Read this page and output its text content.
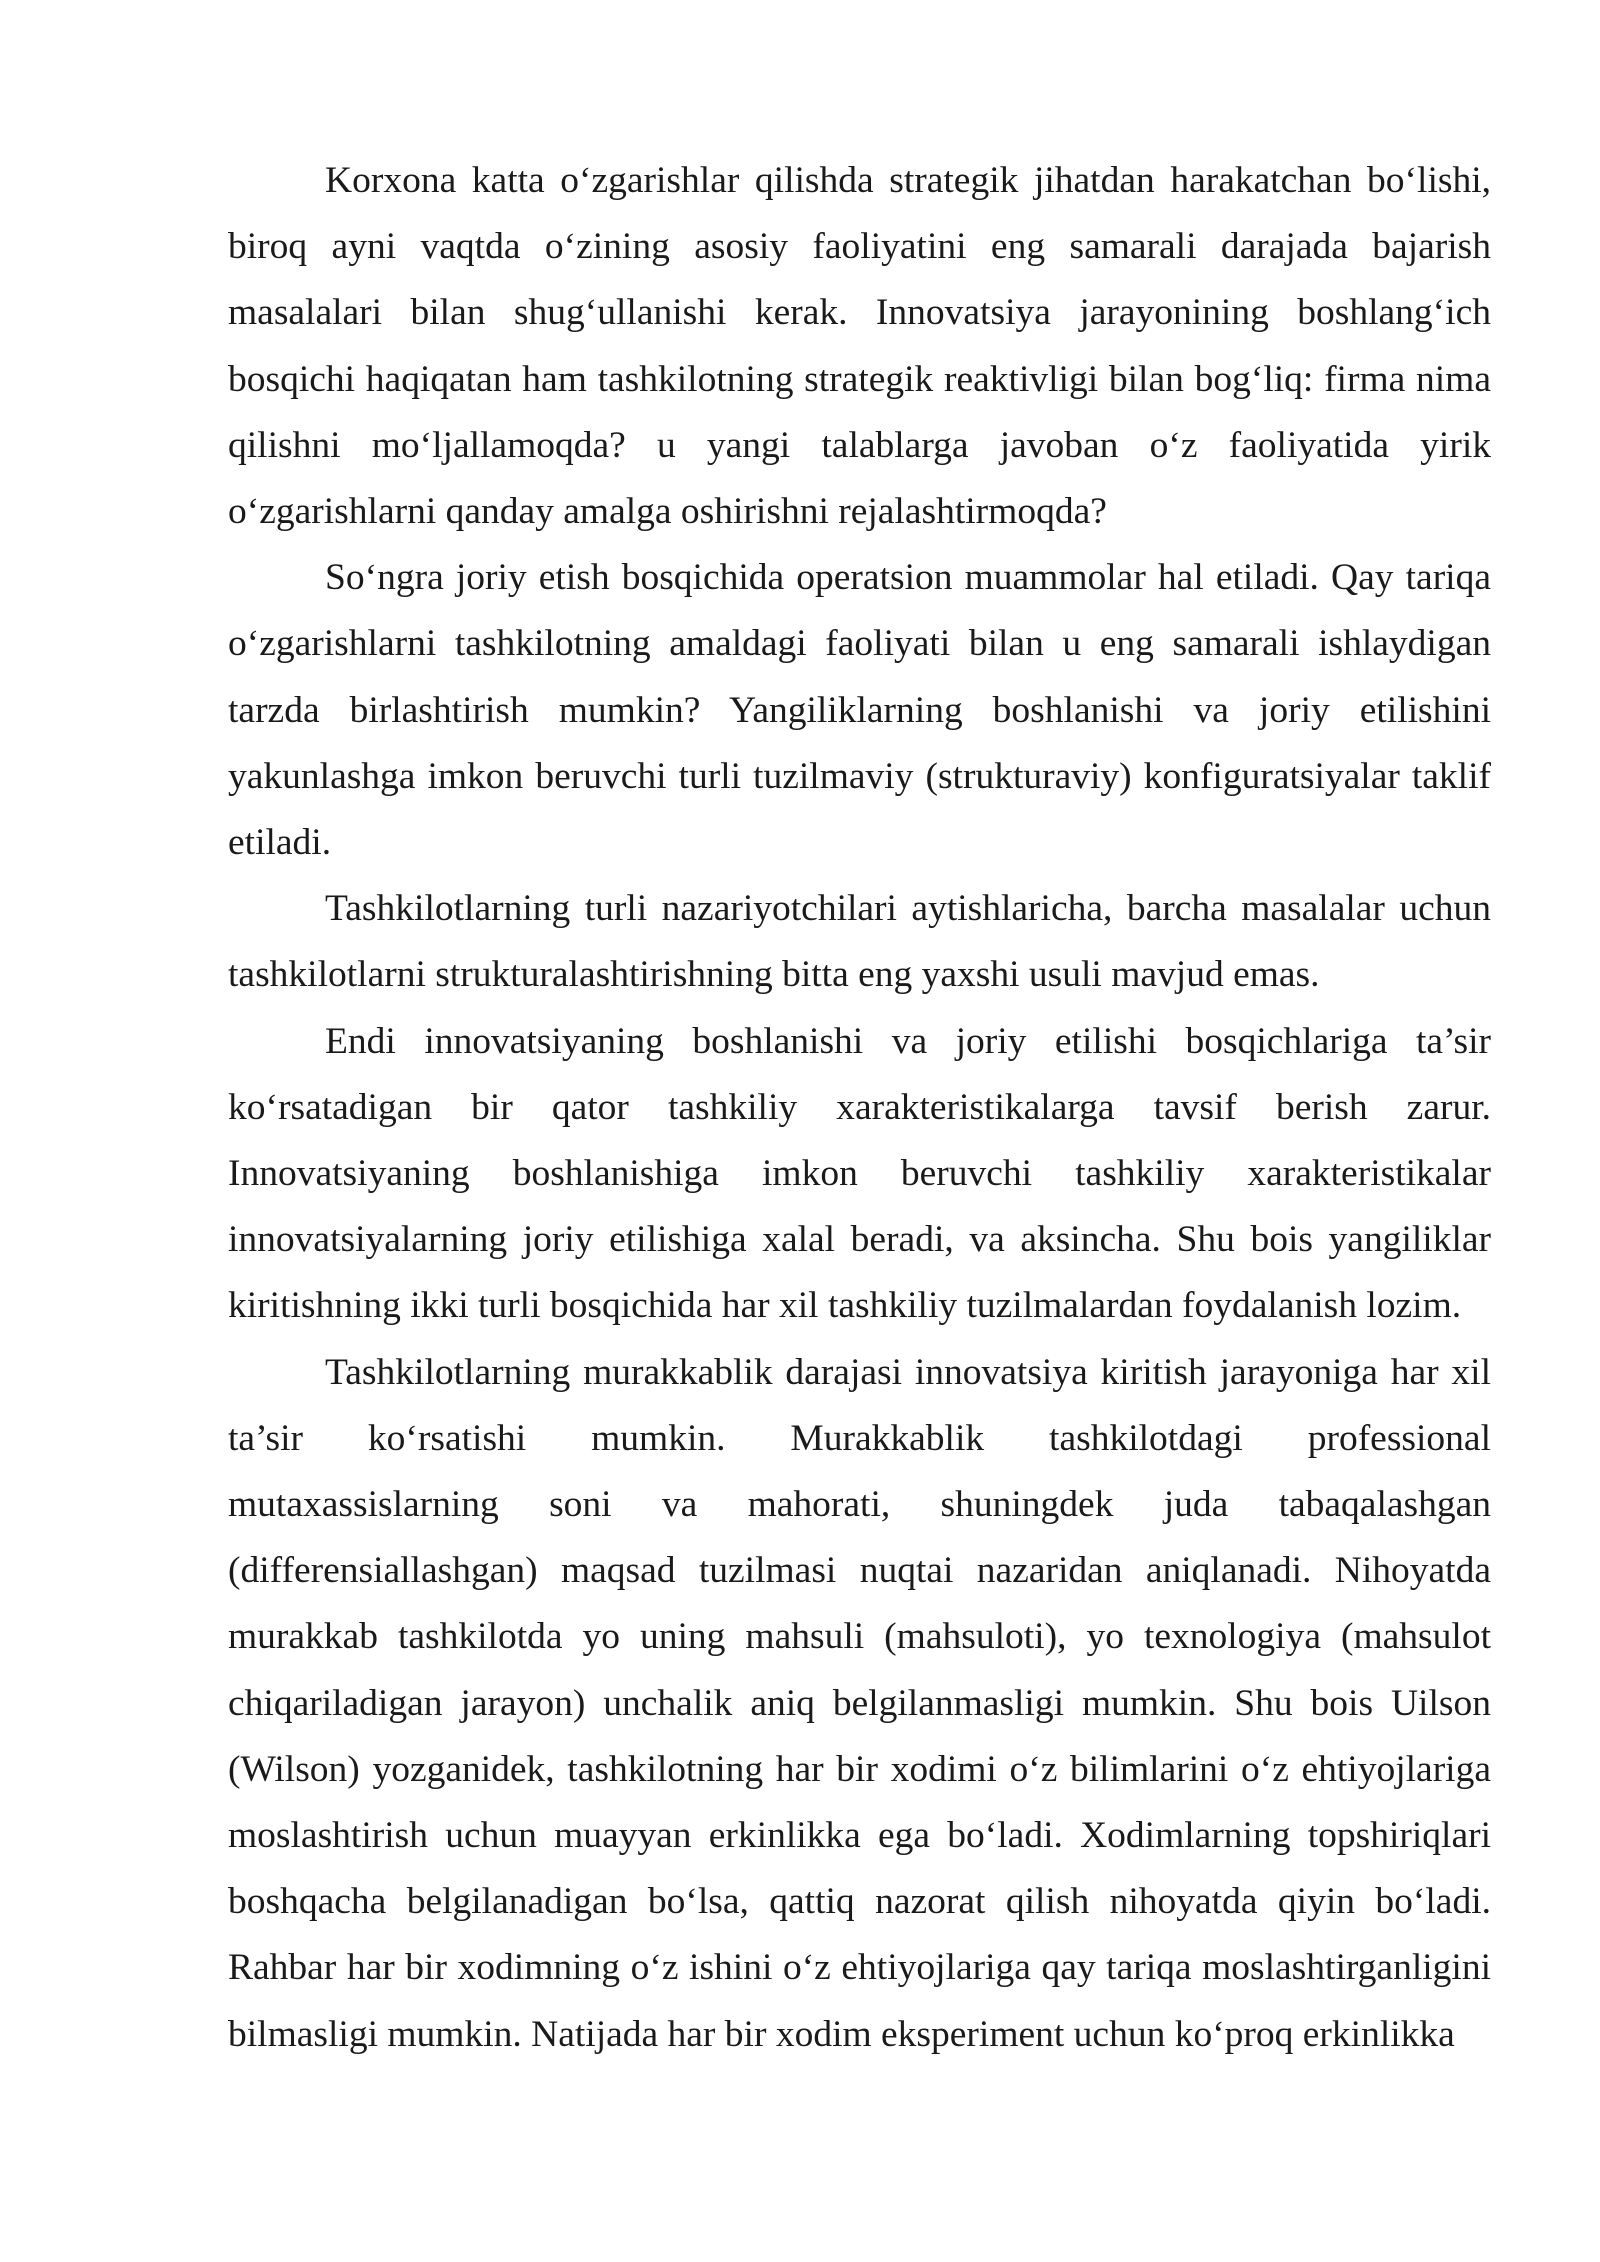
Korxona katta o‘zgarishlar qilishda strategik jihatdan harakatchan bo‘lishi, biroq ayni vaqtda o‘zining asosiy faoliyatini eng samarali darajada bajarish masalalari bilan shug‘ullanishi kerak. Innovatsiya jarayonining boshlang‘ich bosqichi haqiqatan ham tashkilotning strategik reaktivligi bilan bog‘liq: firma nima qilishni mo‘ljallamoqda? u yangi talablarga javoban o‘z faoliyatida yirik o‘zgarishlarni qanday amalga oshirishni rejalashtirmoqda?

So‘ngra joriy etish bosqichida operatsion muammolar hal etiladi. Qay tariqa o‘zgarishlarni tashkilotning amaldagi faoliyati bilan u eng samarali ishlaydigan tarzda birlashtirish mumkin? Yangiliklarning boshlanishi va joriy etilishini yakunlashga imkon beruvchi turli tuzilmaviy (strukturaviy) konfiguratsiyalar taklif etiladi.

Tashkilotlarning turli nazariyotchilari aytishlaricha, barcha masalalar uchun tashkilotlarni strukturalashtirishning bitta eng yaxshi usuli mavjud emas.

Endi innovatsiyaning boshlanishi va joriy etilishi bosqichlariga ta’sir ko‘rsatadigan bir qator tashkiliy xarakteristikalarga tavsif berish zarur. Innovatsiyaning boshlanishiga imkon beruvchi tashkiliy xarakteristikalar innovatsiyalarning joriy etilishiga xalal beradi, va aksincha. Shu bois yangiliklar kiritishning ikki turli bosqichida har xil tashkiliy tuzilmalardan foydalanish lozim.

Tashkilotlarning murakkablik darajasi innovatsiya kiritish jarayoniga har xil ta’sir ko‘rsatishi mumkin. Murakkablik tashkilotdagi professional mutaxassislarning soni va mahorati, shuningdek juda tabaqalashgan (differensiallashgan) maqsad tuzilmasi nuqtai nazaridan aniqlanadi. Nihoyatda murakkab tashkilotda yo uning mahsuli (mahsuloti), yo texnologiya (mahsulot chiqariladigan jarayon) unchalik aniq belgilanmasligi mumkin. Shu bois Uilson (Wilson) yozganidek, tashkilotning har bir xodimi o‘z bilimlarini o‘z ehtiyojlariga moslashtirish uchun muayyan erkinlikka ega bo‘ladi. Xodimlarning topshiriqlari boshqacha belgilanadigan bo‘lsa, qattiq nazorat qilish nihoyatda qiyin bo‘ladi. Rahbar har bir xodimning o‘z ishini o‘z ehtiyojlariga qay tariqa moslashtirganligini bilmasligi mumkin. Natijada har bir xodim eksperiment uchun ko‘proq erkinlikka
